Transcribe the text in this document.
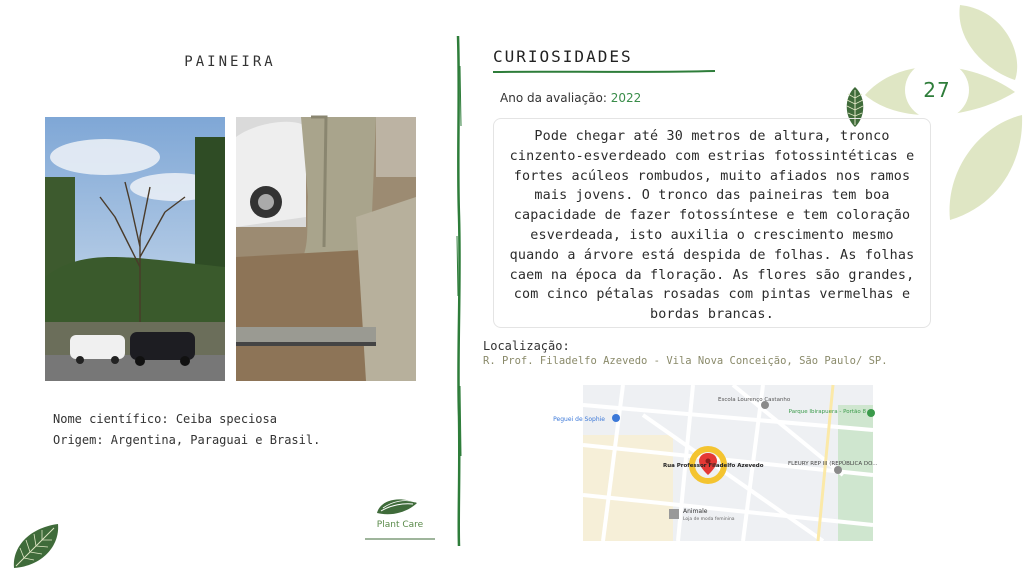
27
PAINEIRA
Nome científico: Ceiba speciosa
Origem: Argentina, Paraguai e Brasil.
CURIOSIDADES
Ano da avaliação: 2022
Pode chegar até 30 metros de altura, tronco cinzento-esverdeado com estrias fotossintéticas e fortes acúleos rombudos, muito afiados nos ramos mais jovens. O tronco das paineiras tem boa capacidade de fazer fotossíntese e tem coloração esverdeada, isto auxilia o crescimento mesmo quando a árvore está despida de folhas. As folhas caem na época da floração. As flores são grandes, com cinco pétalas rosadas com pintas vermelhas e bordas brancas.
Localização:
R. Prof. Filadelfo Azevedo - Vila Nova Conceição, São Paulo/ SP.
Peguei de Sophie
Escola Lourenço Castanho
Parque Ibirapuera - Portão 8
Rua Professor Filadelfo Azevedo	FLEURY REP III (REPÚBLICA DO...
Animale
Loja de moda feminina
Plant Care
